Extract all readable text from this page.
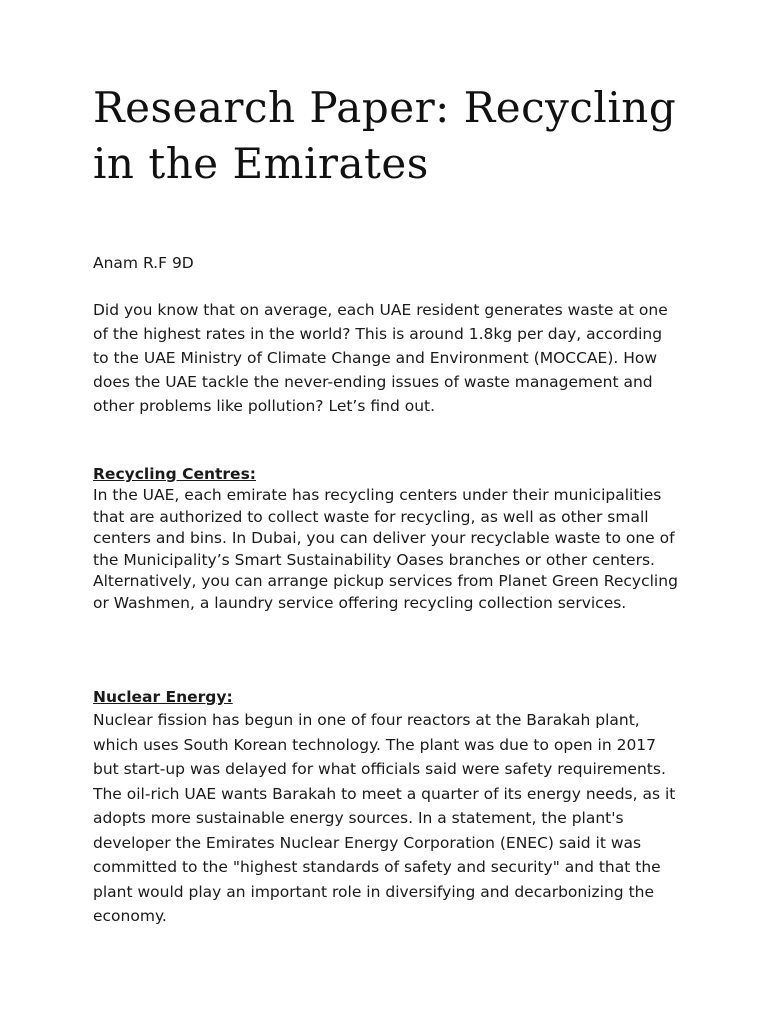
Research Paper: Recycling in the Emirates

Anam R.F 9D

Did you know that on average, each UAE resident generates waste at one of the highest rates in the world? This is around 1.8kg per day, according to the UAE Ministry of Climate Change and Environment (MOCCAE). How does the UAE tackle the never-ending issues of waste management and other problems like pollution? Let’s find out.

Recycling Centres:

In the UAE, each emirate has recycling centers under their municipalities that are authorized to collect waste for recycling, as well as other small centers and bins. In Dubai, you can deliver your recyclable waste to one of the Municipality’s Smart Sustainability Oases branches or other centers. Alternatively, you can arrange pickup services from Planet Green Recycling or Washmen, a laundry service offering recycling collection services.

Nuclear Energy:

Nuclear fission has begun in one of four reactors at the Barakah plant, which uses South Korean technology. The plant was due to open in 2017 but start-up was delayed for what officials said were safety requirements. The oil-rich UAE wants Barakah to meet a quarter of its energy needs, as it adopts more sustainable energy sources. In a statement, the plant's developer the Emirates Nuclear Energy Corporation (ENEC) said it was committed to the "highest standards of safety and security" and that the plant would play an important role in diversifying and decarbonizing the economy.
